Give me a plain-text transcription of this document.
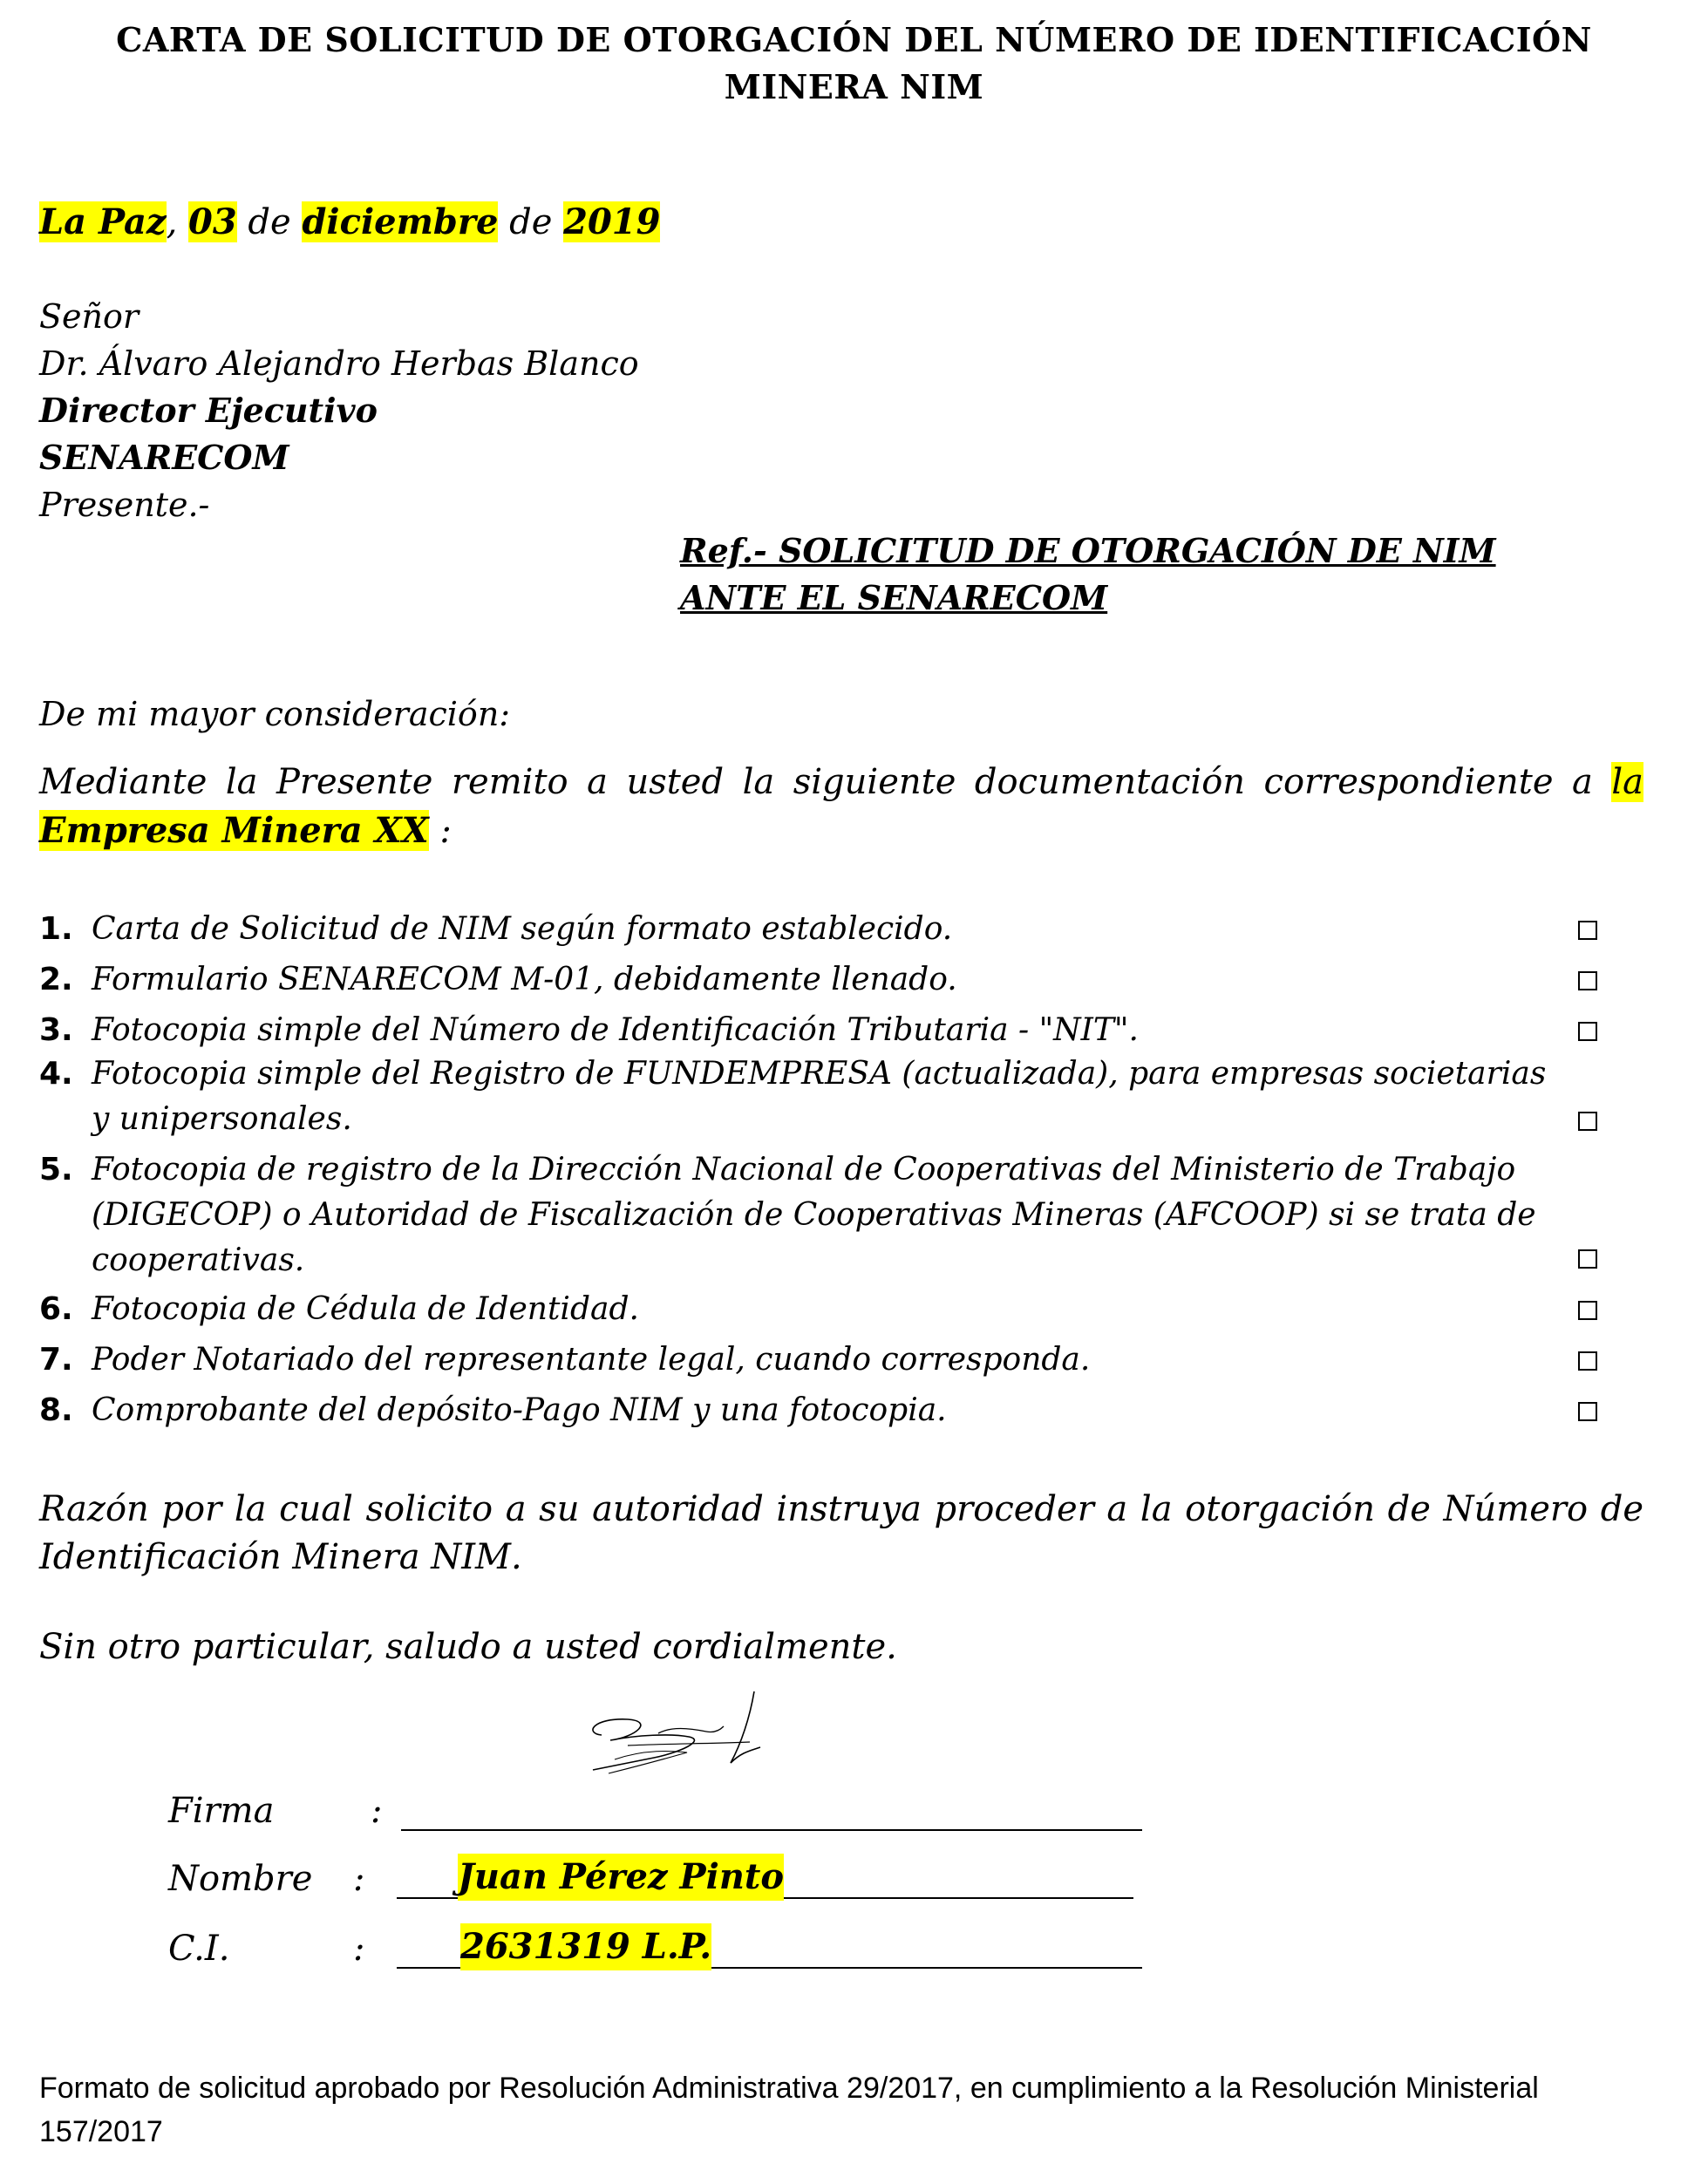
CARTA DE SOLICITUD DE OTORGACIÓN DEL NÚMERO DE IDENTIFICACIÓN
MINERA NIM
La Paz, 03 de diciembre de 2019
Señor
Dr. Álvaro Alejandro Herbas Blanco
Director Ejecutivo
SENARECOM
Presente.-
Ref.- SOLICITUD DE OTORGACIÓN DE NIM
ANTE EL SENARECOM
De mi mayor consideración:
Mediante la Presente remito a usted la siguiente documentación correspondiente a la Empresa Minera XX :
1. Carta de Solicitud de NIM según formato establecido.
2. Formulario SENARECOM M-01, debidamente llenado.
3. Fotocopia simple del Número de Identificación Tributaria - "NIT".
4. Fotocopia simple del Registro de FUNDEMPRESA (actualizada), para empresas societarias y unipersonales.
5. Fotocopia de registro de la Dirección Nacional de Cooperativas del Ministerio de Trabajo (DIGECOP) o Autoridad de Fiscalización de Cooperativas Mineras (AFCOOP) si se trata de cooperativas.
6. Fotocopia de Cédula de Identidad.
7. Poder Notariado del representante legal, cuando corresponda.
8. Comprobante del depósito-Pago NIM y una fotocopia.
Razón por la cual solicito a su autoridad instruya proceder a la otorgación de Número de Identificación Minera NIM.
Sin otro particular, saludo a usted cordialmente.
Firma	:
Nombre :	Juan Pérez Pinto
C.I.	:	2631319 L.P.
Formato de solicitud aprobado por Resolución Administrativa 29/2017, en cumplimiento a la Resolución Ministerial 157/2017
